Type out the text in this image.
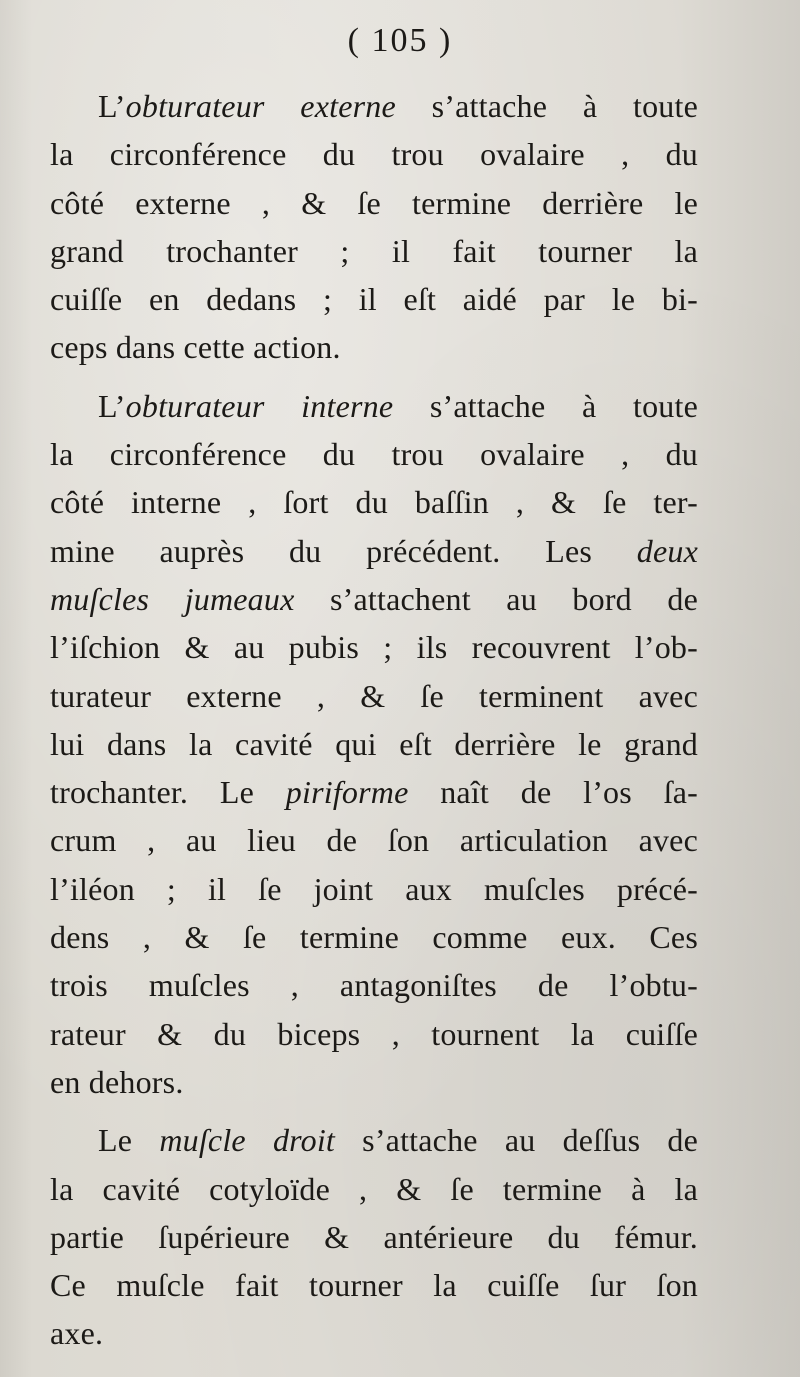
( 105 )
L’obturateur externe s’attache à toute
la circonférence du trou ovalaire , du
côté externe , & ſe termine derrière le
grand trochanter ; il fait tourner la
cuiſſe en dedans ; il eſt aidé par le bi-
ceps dans cette action.
L’obturateur interne s’attache à toute
la circonférence du trou ovalaire , du
côté interne , ſort du baſſin , & ſe ter-
mine auprès du précédent. Les deux
muſcles jumeaux s’attachent au bord de
l’iſchion & au pubis ; ils recouvrent l’ob-
turateur externe , & ſe terminent avec
lui dans la cavité qui eſt derrière le grand
trochanter. Le piriforme naît de l’os ſa-
crum , au lieu de ſon articulation avec
l’iléon ; il ſe joint aux muſcles précé-
dens , & ſe termine comme eux. Ces
trois muſcles , antagoniſtes de l’obtu-
rateur & du biceps , tournent la cuiſſe
en dehors.
Le muſcle droit s’attache au deſſus de
la cavité cotyloïde , & ſe termine à la
partie ſupérieure & antérieure du fémur.
Ce muſcle fait tourner la cuiſſe ſur ſon
axe.
